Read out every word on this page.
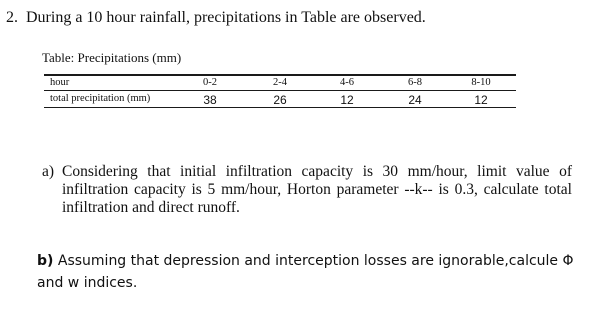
2. During a 10 hour rainfall, precipitations in Table are observed.
Table: Precipitations (mm)
hour	0-2	2-4	4-6	6-8	8-10
total precipitation (mm)	38	26	12	24	12
a) Considering that initial infiltration capacity is 30 mm/hour, limit value of infiltration capacity is 5 mm/hour, Horton parameter --k-- is 0.3, calculate total infiltration and direct runoff.
b) Assuming that depression and interception losses are ignorable,calcule Φ and w indices.
